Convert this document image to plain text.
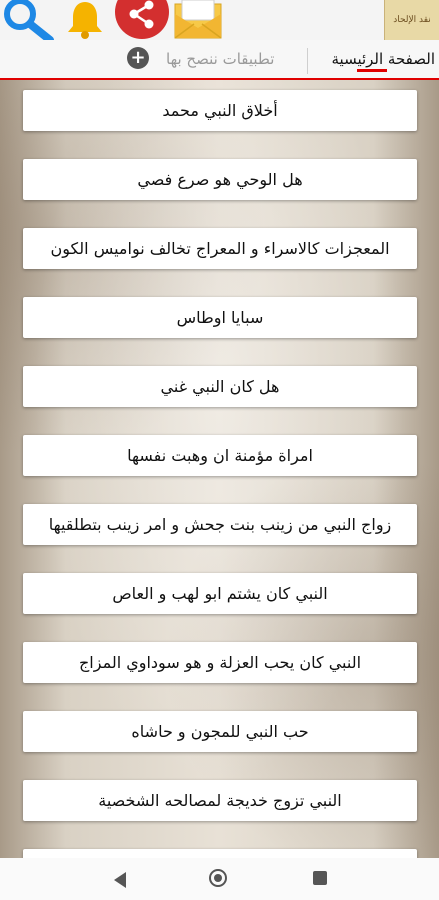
نقد الإلحاد
الصفحة الرئيسية
تطبيقات ننصح بها
+
أخلاق النبي محمد
هل الوحي هو صرع فصي
المعجزات كالاسراء و المعراج تخالف نواميس الكون
سبايا اوطاس
هل كان النبي غني
امراة مؤمنة ان وهبت نفسها
زواج النبي من زينب بنت جحش و امر زينب بتطلقيها
النبي كان يشتم ابو لهب و العاص
النبي كان يحب العزلة و هو سوداوي المزاج
حب النبي للمجون و حاشاه
النبي تزوج خديجة لمصالحه الشخصية
